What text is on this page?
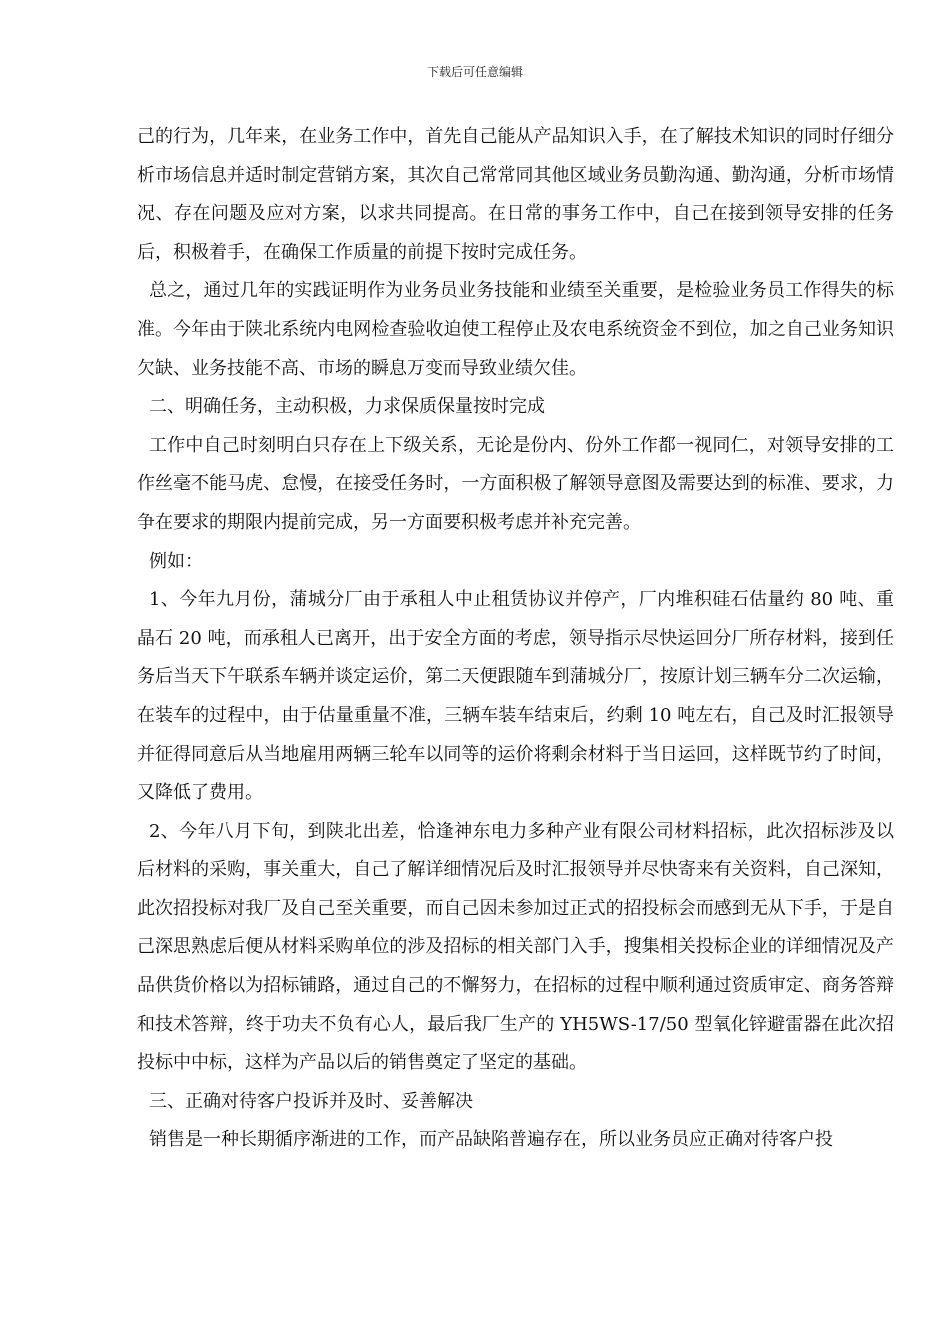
下载后可任意编辑

己的行为，几年来，在业务工作中，首先自己能从产品知识入手，在了解技术知识的同时仔细分析市场信息并适时制定营销方案，其次自己常常同其他区域业务员勤沟通、勤沟通，分析市场情况、存在问题及应对方案，以求共同提高。在日常的事务工作中，自己在接到领导安排的任务后，积极着手，在确保工作质量的前提下按时完成任务。

总之，通过几年的实践证明作为业务员业务技能和业绩至关重要，是检验业务员工作得失的标准。今年由于陕北系统内电网检查验收迫使工程停止及农电系统资金不到位，加之自己业务知识欠缺、业务技能不高、市场的瞬息万变而导致业绩欠佳。

二、明确任务，主动积极，力求保质保量按时完成

工作中自己时刻明白只存在上下级关系，无论是份内、份外工作都一视同仁，对领导安排的工作丝毫不能马虎、怠慢，在接受任务时，一方面积极了解领导意图及需要达到的标准、要求，力争在要求的期限内提前完成，另一方面要积极考虑并补充完善。

例如：

1、今年九月份，蒲城分厂由于承租人中止租赁协议并停产，厂内堆积硅石估量约 80 吨、重晶石 20 吨，而承租人已离开，出于安全方面的考虑，领导指示尽快运回分厂所存材料，接到任务后当天下午联系车辆并谈定运价，第二天便跟随车到蒲城分厂，按原计划三辆车分二次运输，在装车的过程中，由于估量重量不准，三辆车装车结束后，约剩 10 吨左右，自己及时汇报领导并征得同意后从当地雇用两辆三轮车以同等的运价将剩余材料于当日运回，这样既节约了时间，又降低了费用。

2、今年八月下旬，到陕北出差，恰逢神东电力多种产业有限公司材料招标，此次招标涉及以后材料的采购，事关重大，自己了解详细情况后及时汇报领导并尽快寄来有关资料，自己深知，此次招投标对我厂及自己至关重要，而自己因未参加过正式的招投标会而感到无从下手，于是自己深思熟虑后便从材料采购单位的涉及招标的相关部门入手，搜集相关投标企业的详细情况及产品供货价格以为招标铺路，通过自己的不懈努力，在招标的过程中顺利通过资质审定、商务答辩和技术答辩，终于功夫不负有心人，最后我厂生产的 YH5WS-17/50 型氧化锌避雷器在此次招投标中中标，这样为产品以后的销售奠定了坚定的基础。

三、正确对待客户投诉并及时、妥善解决

销售是一种长期循序渐进的工作，而产品缺陷普遍存在，所以业务员应正确对待客户投
